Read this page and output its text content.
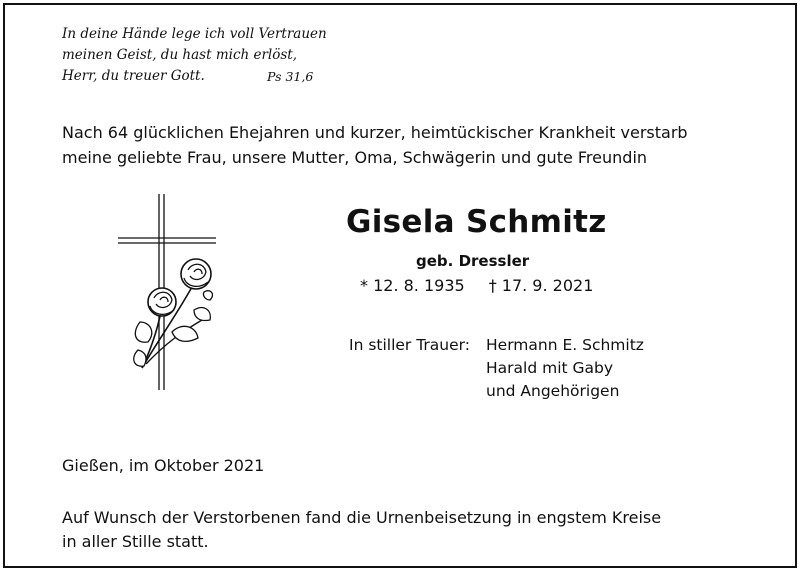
In deine Hände lege ich voll Vertrauen
meinen Geist, du hast mich erlöst,
Herr, du treuer Gott.	Ps 31,6
Nach 64 glücklichen Ehejahren und kurzer, heimtückischer Krankheit verstarb
meine geliebte Frau, unsere Mutter, Oma, Schwägerin und gute Freundin
Gisela Schmitz
geb. Dressler
* 12. 8. 1935 † 17. 9. 2021
In stiller Trauer: Hermann E. Schmitz
Harald mit Gaby
und Angehörigen
Gießen, im Oktober 2021
Auf Wunsch der Verstorbenen fand die Urnenbeisetzung in engstem Kreise
in aller Stille statt.
